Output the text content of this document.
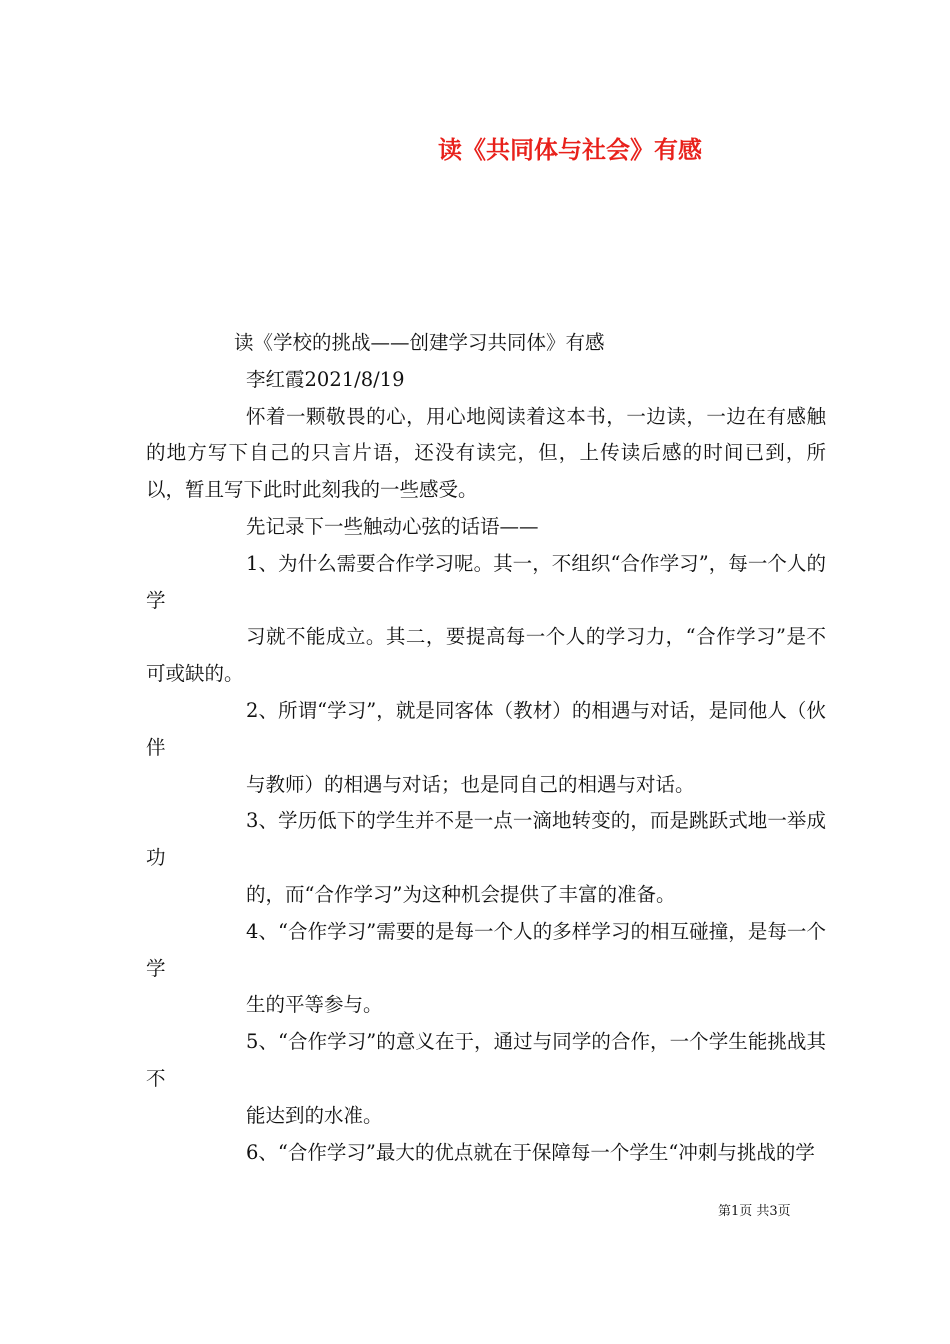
读《共同体与社会》有感

读《学校的挑战——创建学习共同体》有感

李红霞2021/8/19

怀着一颗敬畏的心，用心地阅读着这本书，一边读，一边在有感触的地方写下自己的只言片语，还没有读完，但，上传读后感的时间已到，所以，暂且写下此时此刻我的一些感受。

先记录下一些触动心弦的话语——

1、为什么需要合作学习呢。其一，不组织“合作学习”，每一个人的学

习就不能成立。其二，要提高每一个人的学习力，“合作学习”是不可或缺的。

2、所谓“学习”，就是同客体（教材）的相遇与对话，是同他人（伙伴

与教师）的相遇与对话；也是同自己的相遇与对话。

3、学历低下的学生并不是一点一滴地转变的，而是跳跃式地一举成功

的，而“合作学习”为这种机会提供了丰富的准备。

4、“合作学习”需要的是每一个人的多样学习的相互碰撞，是每一个学

生的平等参与。

5、“合作学习”的意义在于，通过与同学的合作，一个学生能挑战其不

能达到的水准。

6、“合作学习”最大的优点就在于保障每一个学生“冲刺与挑战的学

第1页 共3页
